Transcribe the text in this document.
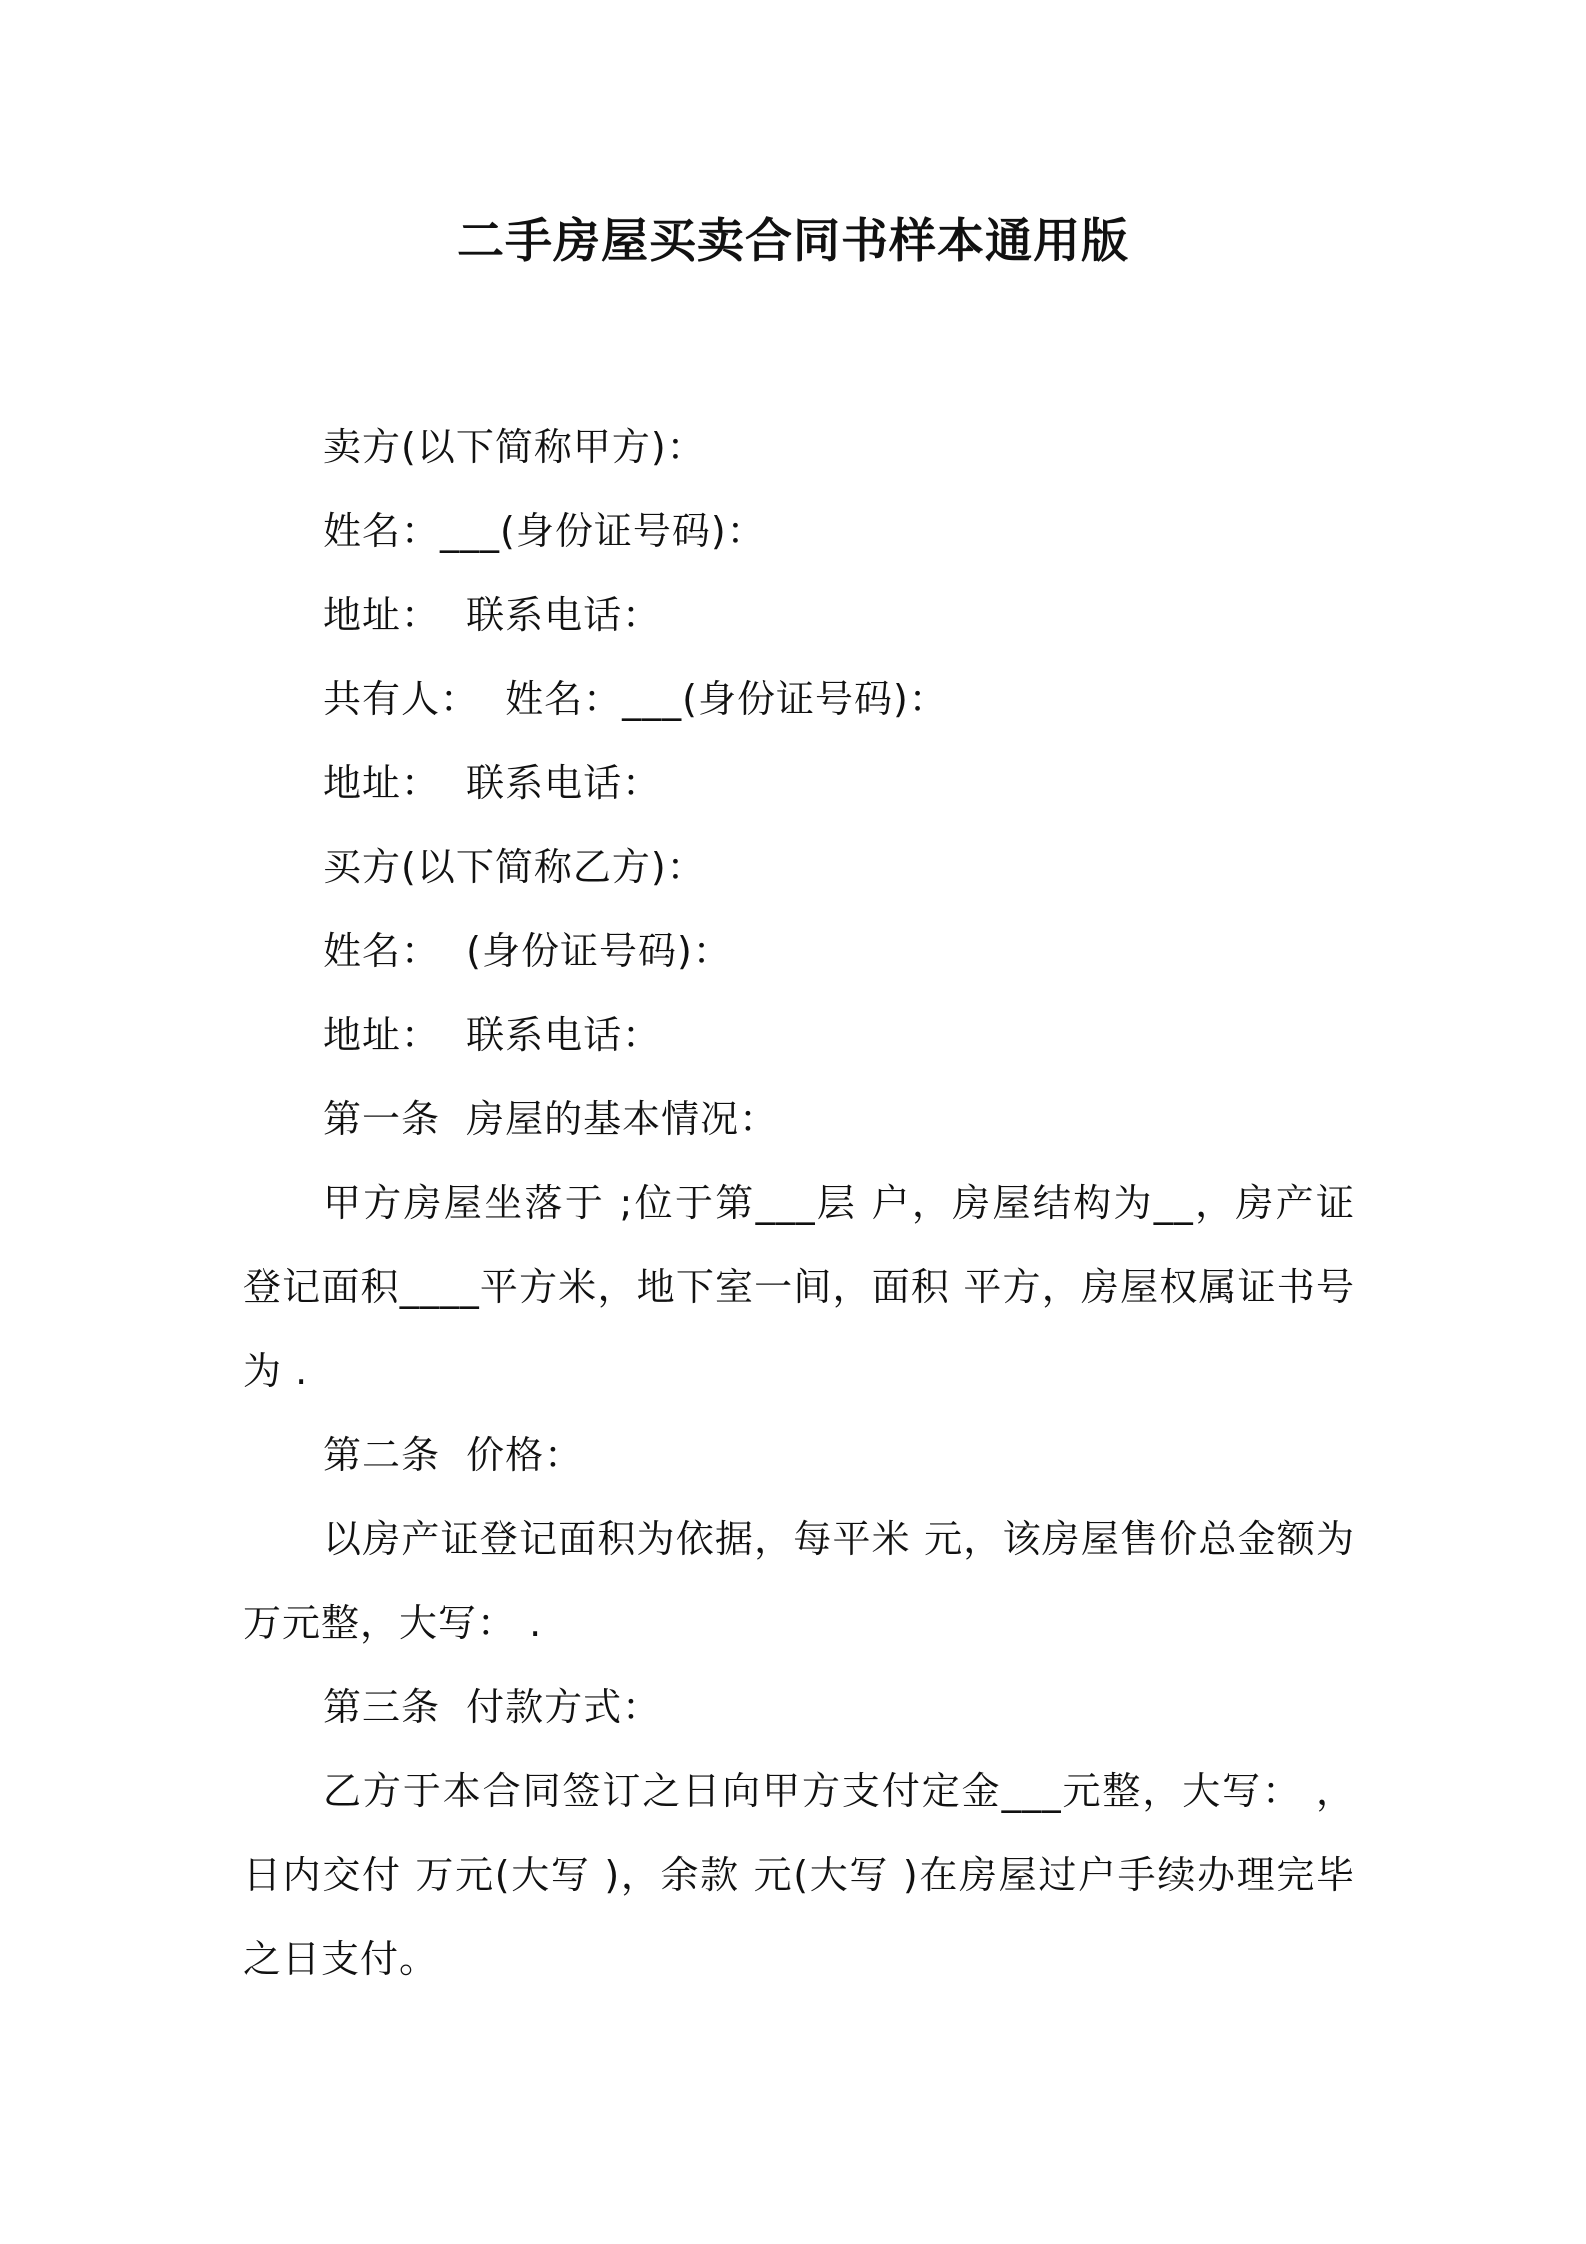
二手房屋买卖合同书样本通用版
卖方(以下简称甲方)：
姓名：___(身份证号码)：
地址：  联系电话：
共有人：  姓名：___(身份证号码)：
地址：  联系电话：
买方(以下简称乙方)：
姓名：  (身份证号码)：
地址：  联系电话：
第一条  房屋的基本情况：
甲方房屋坐落于 ;位于第___层 户，房屋结构为__，房产证登记面积____平方米，地下室一间，面积 平方，房屋权属证书号为 .
第二条  价格：
以房产证登记面积为依据，每平米 元，该房屋售价总金额为 万元整，大写： .
第三条  付款方式：
乙方于本合同签订之日向甲方支付定金___元整，大写： ，日内交付 万元(大写 )，余款 元(大写 )在房屋过户手续办理完毕之日支付。
